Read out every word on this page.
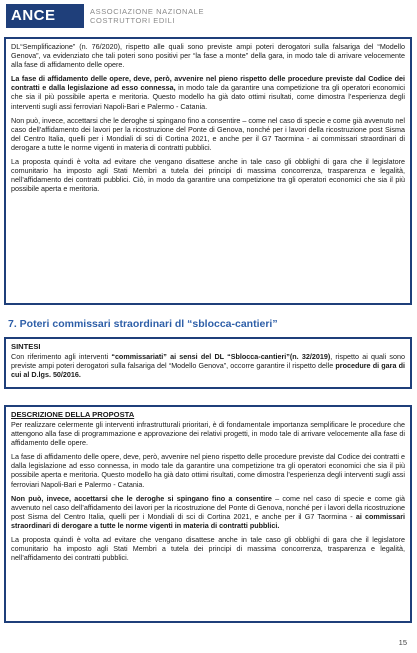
ANCE	ASSOCIAZIONE NAZIONALE
COSTRUTTORI EDILI

DL“Semplificazione” (n. 76/2020), rispetto alle quali sono previste ampi poteri derogatori sulla falsariga del “Modello Genova”, va evidenziato che tali poteri sono positivi per “la fase a monte” della gara, in modo tale di arrivare velocemente alla fase di affidamento delle opere.

La fase di affidamento delle opere, deve, però, avvenire nel pieno rispetto delle procedure previste dal Codice dei contratti e dalla legislazione ad esso connessa, in modo tale da garantire una competizione tra gli operatori economici che sia il più possibile aperta e meritoria. Questo modello ha già dato ottimi risultati, come dimostra l’esperienza degli interventi sugli assi ferroviari Napoli-Bari e Palermo - Catania.

Non può, invece, accettarsi che le deroghe si spingano fino a consentire – come nel caso di specie e come già avvenuto nel caso dell’affidamento dei lavori per la ricostruzione del Ponte di Genova, nonché per i lavori della ricostruzione post Sisma del Centro Italia, quelli per i Mondiali di sci di Cortina 2021, e anche per il G7 Taormina - ai commissari straordinari di derogare a tutte le norme vigenti in materia di contratti pubblici.

La proposta quindi è volta ad evitare che vengano disattese anche in tale caso gli obblighi di gara che il legislatore comunitario ha imposto agli Stati Membri a tutela dei principi di massima concorrenza, trasparenza e legalità, nell’affidamento dei contratti pubblici. Ciò, in modo da garantire una competizione tra gli operatori economici che sia il più possibile aperta e meritoria.

7. Poteri commissari straordinari dl “sblocca-cantieri”
SINTESI

Con riferimento agli interventi “commissariati” ai sensi del DL “Sblocca-cantieri”(n. 32/2019), rispetto ai quali sono previste ampi poteri derogatori sulla falsariga del “Modello Genova”, occorre garantire il rispetto delle procedure di gara di cui al D.lgs. 50/2016.

DESCRIZIONE DELLA PROPOSTA

Per realizzare celermente gli interventi infrastrutturali prioritari, è di fondamentale importanza semplificare le procedure che attengono alla fase di programmazione e approvazione dei relativi progetti, in modo tale di arrivare velocemente alla fase di affidamento delle opere.

La fase di affidamento delle opere, deve, però, avvenire nel pieno rispetto delle procedure previste dal Codice dei contratti e dalla legislazione ad esso connessa, in modo tale da garantire una competizione tra gli operatori economici che sia il più possibile aperta e meritoria. Questo modello ha già dato ottimi risultati, come dimostra l’esperienza degli interventi sugli assi ferroviari Napoli-Bari e Palermo - Catania.

Non può, invece, accettarsi che le deroghe si spingano fino a consentire – come nel caso di specie e come già avvenuto nel caso dell’affidamento dei lavori per la ricostruzione del Ponte di Genova, nonché per i lavori della ricostruzione post Sisma del Centro Italia, quelli per i Mondiali di sci di Cortina 2021, e anche per il G7 Taormina - ai commissari straordinari di derogare a tutte le norme vigenti in materia di contratti pubblici.

La proposta quindi è volta ad evitare che vengano disattese anche in tale caso gli obblighi di gara che il legislatore comunitario ha imposto agli Stati Membri a tutela dei principi di massima concorrenza, trasparenza e legalità, nell’affidamento dei contratti pubblici.

15
